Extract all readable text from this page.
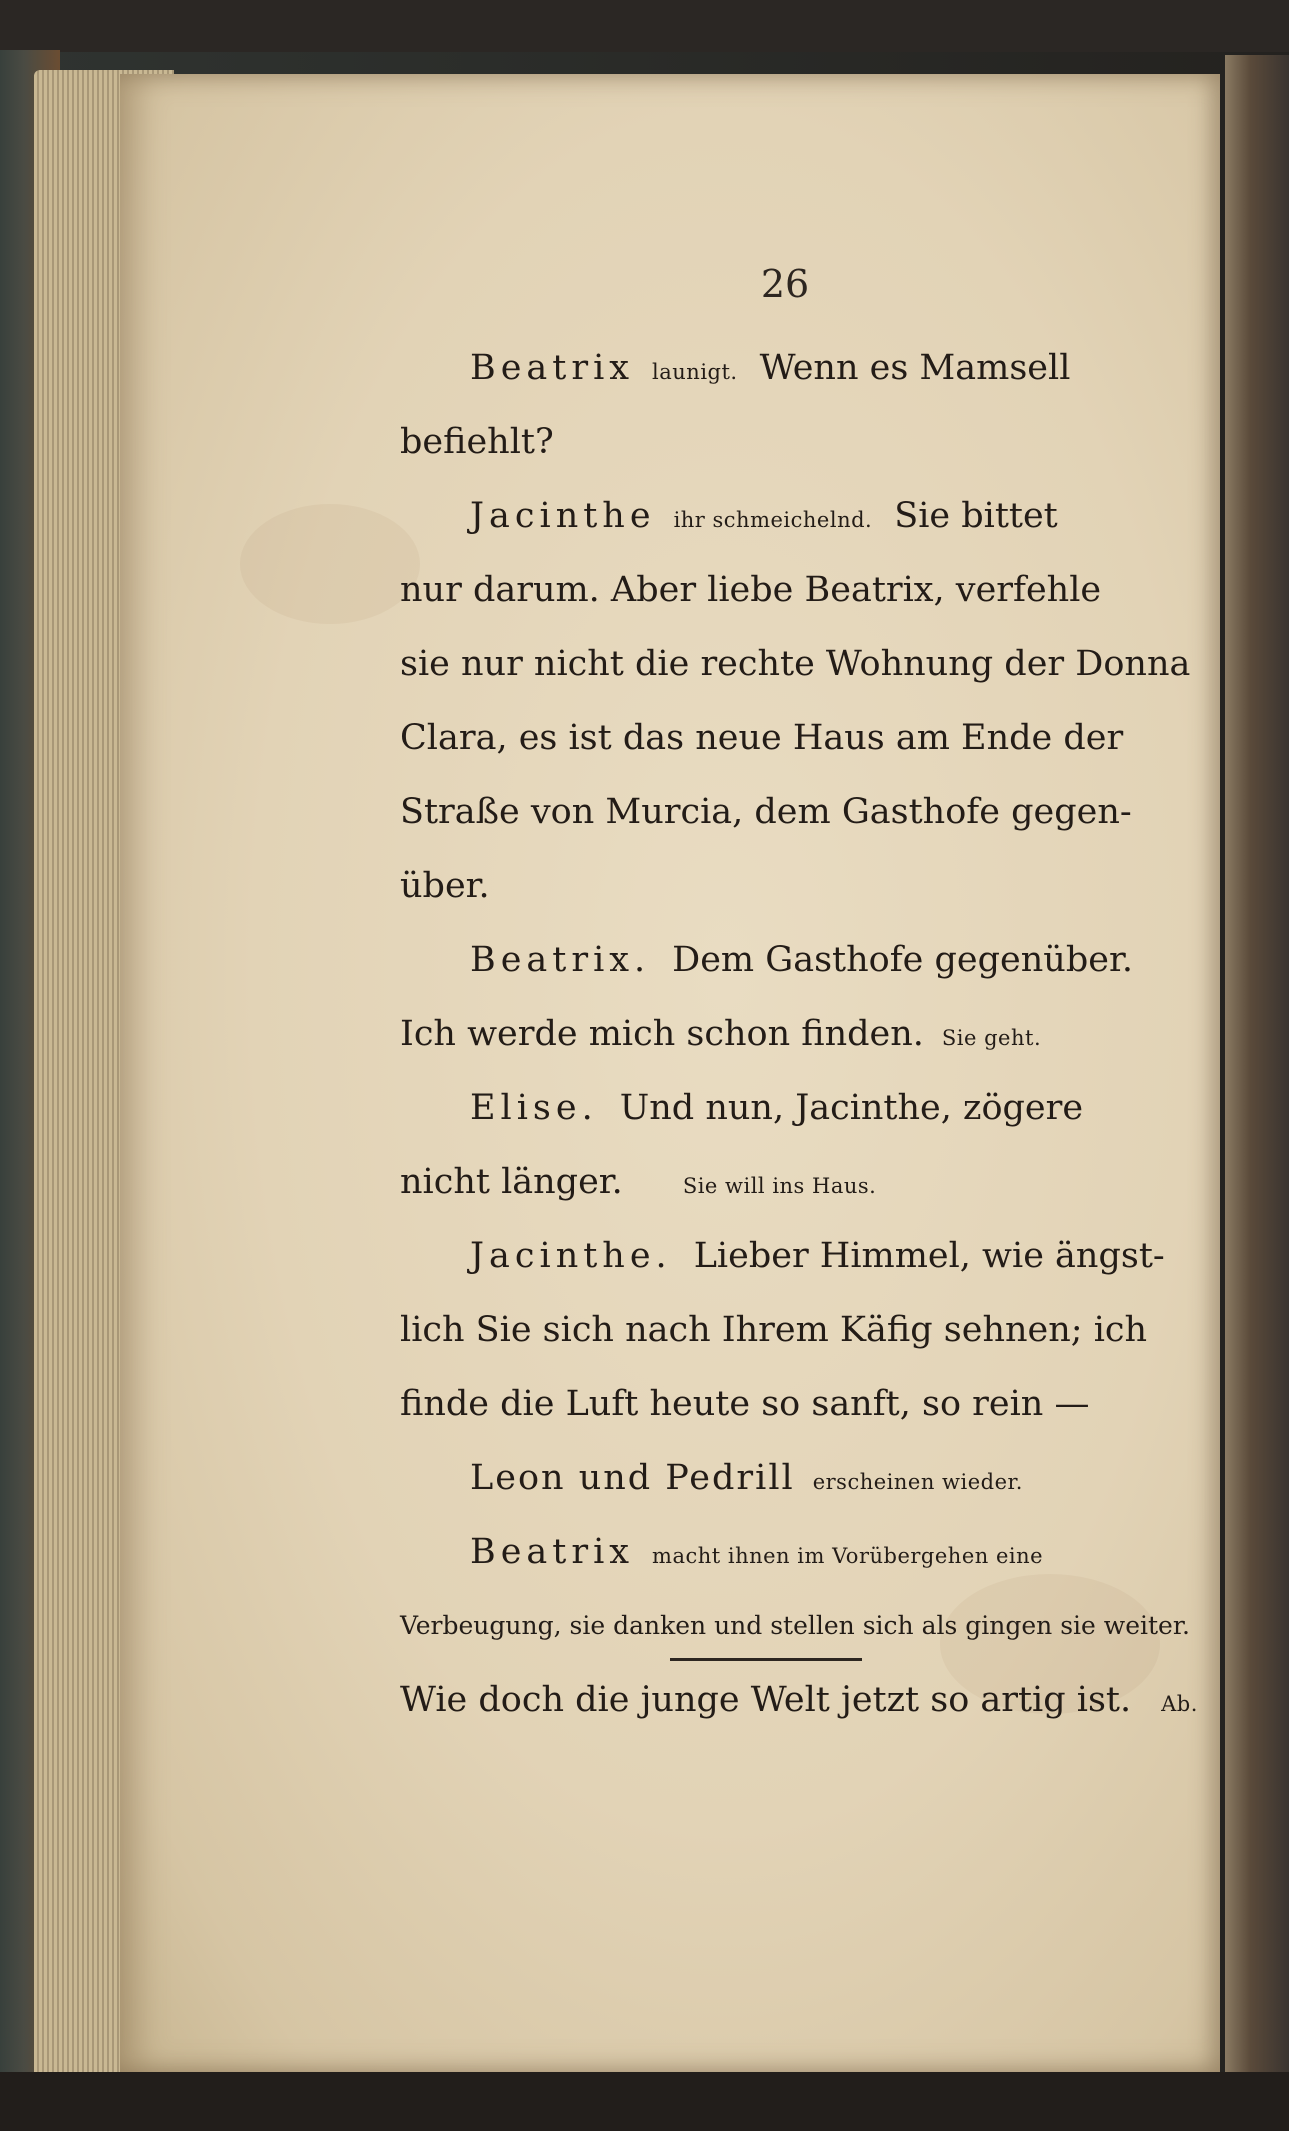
26
Beatrix launigt. Wenn es Mamsell
befiehlt?
Jacinthe ihr schmeichelnd. Sie bittet
nur darum. Aber liebe Beatrix, verfehle
sie nur nicht die rechte Wohnung der Donna
Clara, es ist das neue Haus am Ende der
Straße von Murcia, dem Gasthofe gegen-
über.
Beatrix. Dem Gasthofe gegenüber.
Ich werde mich schon finden. Sie geht.
Elise. Und nun, Jacinthe, zögere
nicht länger.	Sie will ins Haus.
Jacinthe. Lieber Himmel, wie ängst-
lich Sie sich nach Ihrem Käfig sehnen; ich
finde die Luft heute so sanft, so rein —
Leon und Pedrill erscheinen wieder.
Beatrix macht ihnen im Vorübergehen eine
Verbeugung, sie danken und stellen sich als gingen sie weiter.
Wie doch die junge Welt jetzt so artig ist. Ab.
